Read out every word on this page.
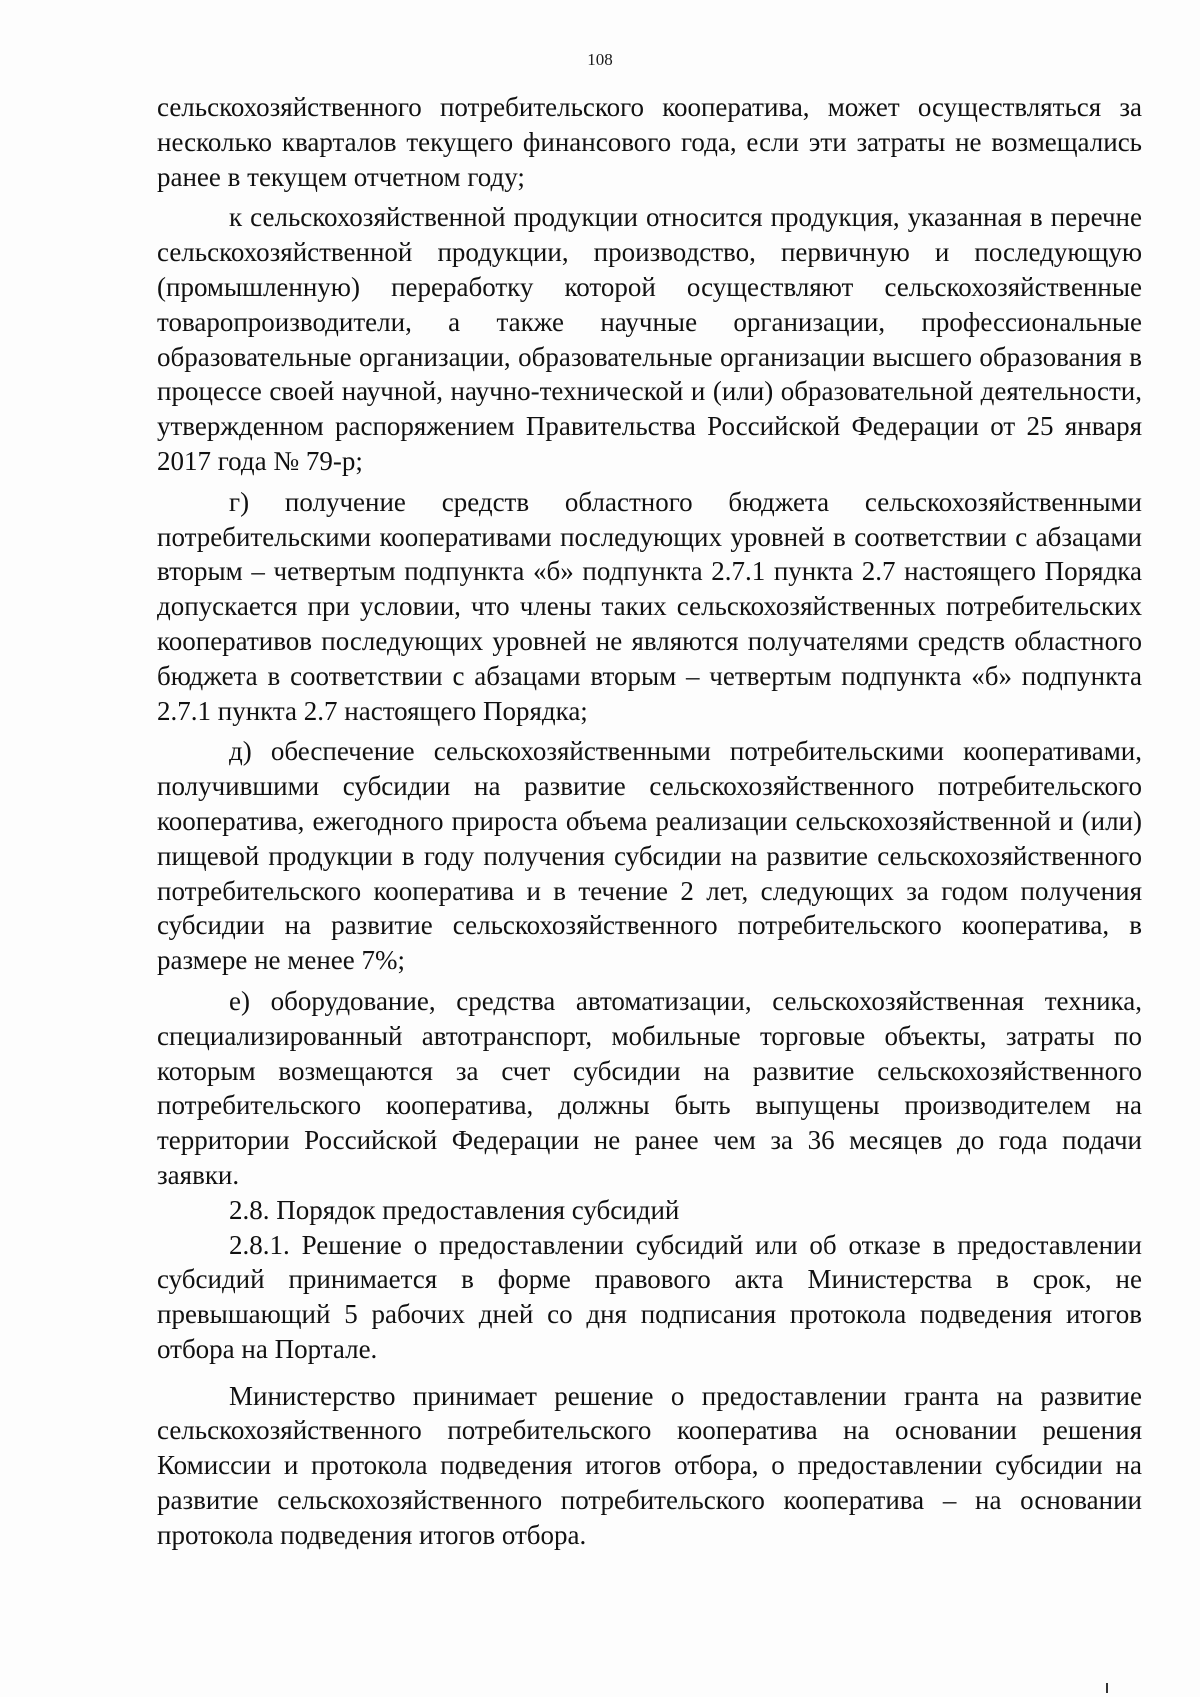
108

сельскохозяйственного потребительского кооператива, может осуществляться за несколько кварталов текущего финансового года, если эти затраты не возмещались ранее в текущем отчетном году;

к сельскохозяйственной продукции относится продукция, указанная в перечне сельскохозяйственной продукции, производство, первичную и последующую (промышленную) переработку которой осуществляют сельскохозяйственные товаропроизводители, а также научные организации, профессиональные образовательные организации, образовательные организации высшего образования в процессе своей научной, научно-технической и (или) образовательной деятельности, утвержденном распоряжением Правительства Российской Федерации от 25 января 2017 года № 79-р;

г) получение средств областного бюджета сельскохозяйственными потребительскими кооперативами последующих уровней в соответствии с абзацами вторым – четвертым подпункта «б» подпункта 2.7.1 пункта 2.7 настоящего Порядка допускается при условии, что члены таких сельскохозяйственных потребительских кооперативов последующих уровней не являются получателями средств областного бюджета в соответствии с абзацами вторым – четвертым подпункта «б» подпункта 2.7.1 пункта 2.7 настоящего Порядка;

д) обеспечение сельскохозяйственными потребительскими кооперативами, получившими субсидии на развитие сельскохозяйственного потребительского кооператива, ежегодного прироста объема реализации сельскохозяйственной и (или) пищевой продукции в году получения субсидии на развитие сельскохозяйственного потребительского кооператива и в течение 2 лет, следующих за годом получения субсидии на развитие сельскохозяйственного потребительского кооператива, в размере не менее 7%;

е) оборудование, средства автоматизации, сельскохозяйственная техника, специализированный автотранспорт, мобильные торговые объекты, затраты по которым возмещаются за счет субсидии на развитие сельскохозяйственного потребительского кооператива, должны быть выпущены производителем на территории Российской Федерации не ранее чем за 36 месяцев до года подачи заявки.

2.8. Порядок предоставления субсидий

2.8.1. Решение о предоставлении субсидий или об отказе в предоставлении субсидий принимается в форме правового акта Министерства в срок, не превышающий 5 рабочих дней со дня подписания протокола подведения итогов отбора на Портале.

Министерство принимает решение о предоставлении гранта на развитие сельскохозяйственного потребительского кооператива на основании решения Комиссии и протокола подведения итогов отбора, о предоставлении субсидии на развитие сельскохозяйственного потребительского кооператива – на основании протокола подведения итогов отбора.
